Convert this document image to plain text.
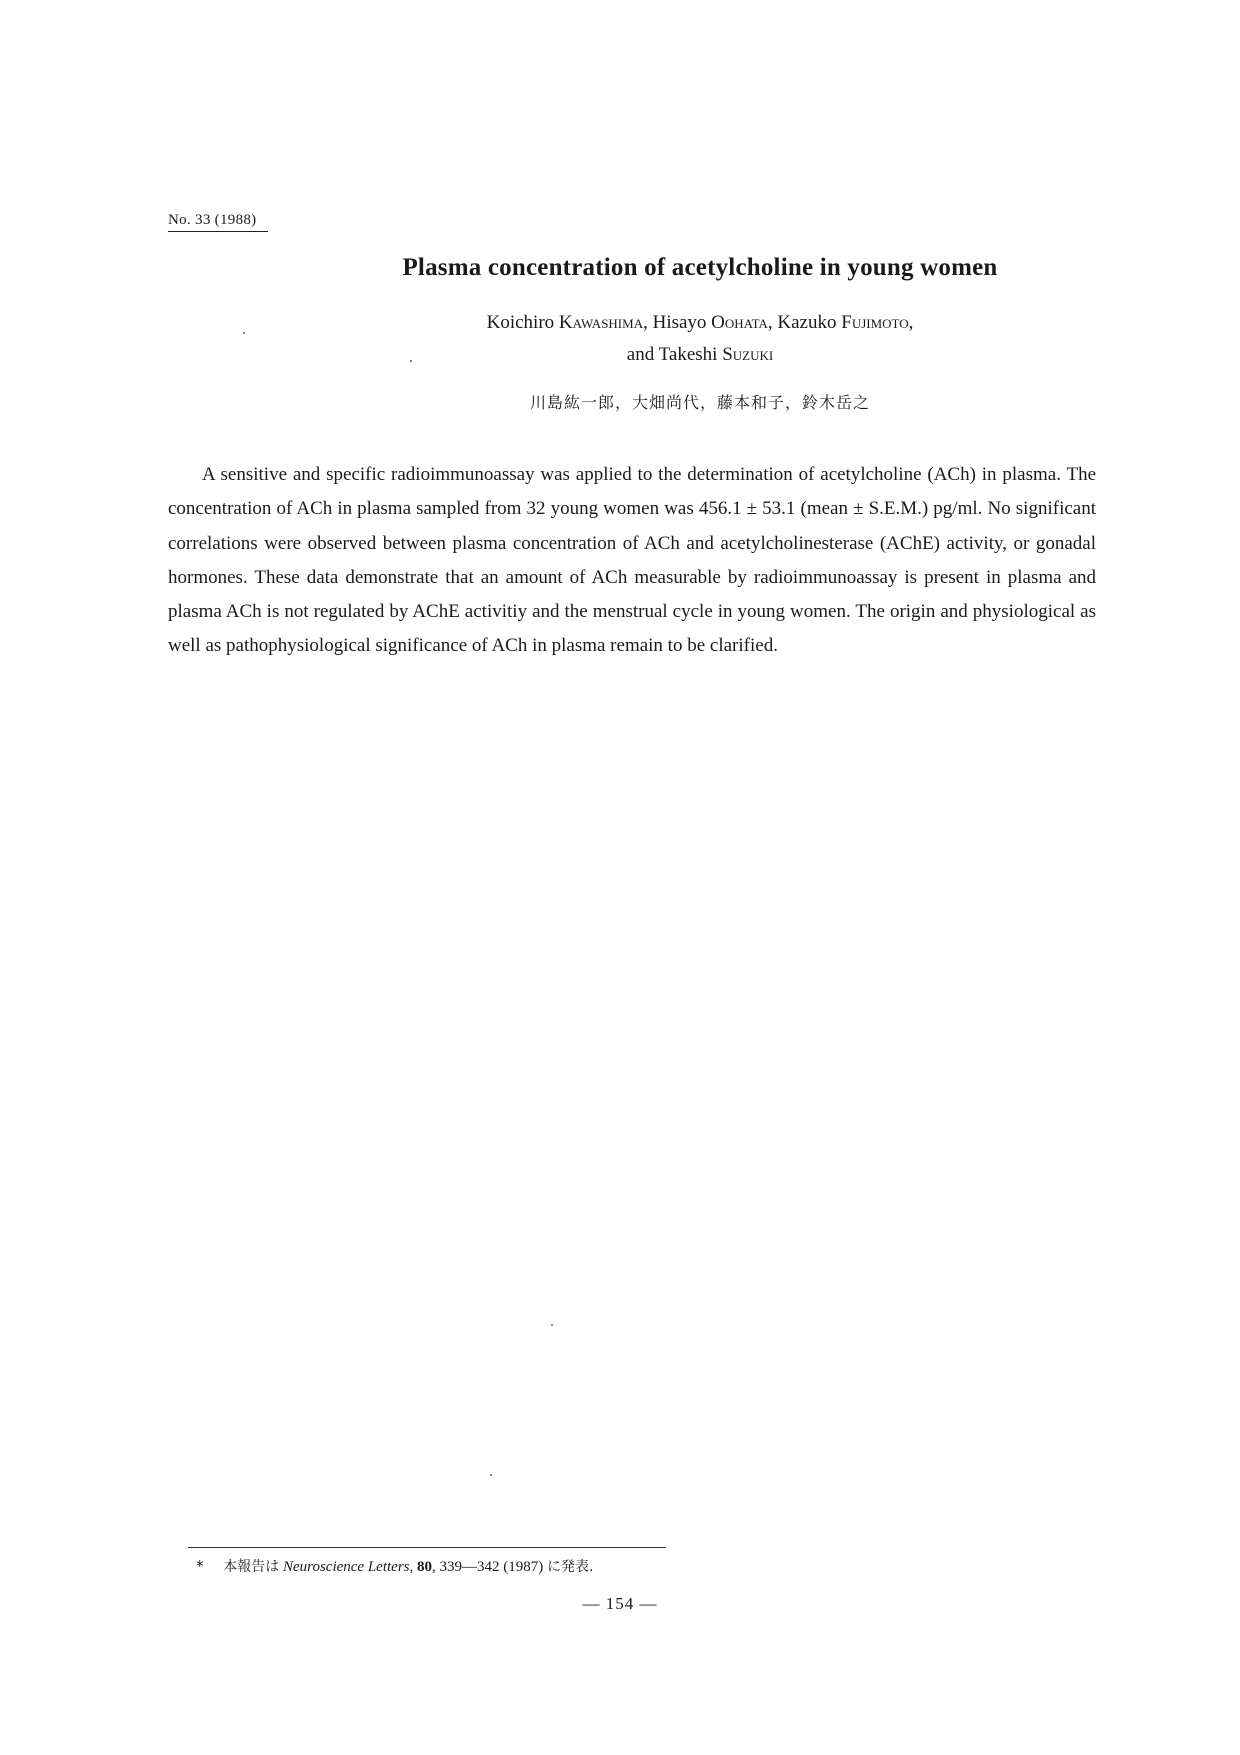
No. 33 (1988)
Plasma concentration of acetylcholine in young women
Koichiro Kawashima, Hisayo Oohata, Kazuko Fujimoto,
and Takeshi Suzuki
川島紘一郎，大畑尚代，藤本和子，鈴木岳之

A sensitive and specific radioimmunoassay was applied to the determination of acetylcholine (ACh) in plasma. The concentration of ACh in plasma sampled from 32 young women was 456.1 ± 53.1 (mean ± S.E.M.) pg/ml. No significant correlations were observed between plasma concentration of ACh and acetylcholinesterase (AChE) activity, or gonadal hormones. These data demonstrate that an amount of ACh measurable by radioimmunoassay is present in plasma and plasma ACh is not regulated by AChE activitiy and the menstrual cycle in young women. The origin and physiological as well as pathophysiological significance of ACh in plasma remain to be clarified.

* 本報告は Neuroscience Letters, 80, 339—342 (1987) に発表.
— 154 —
